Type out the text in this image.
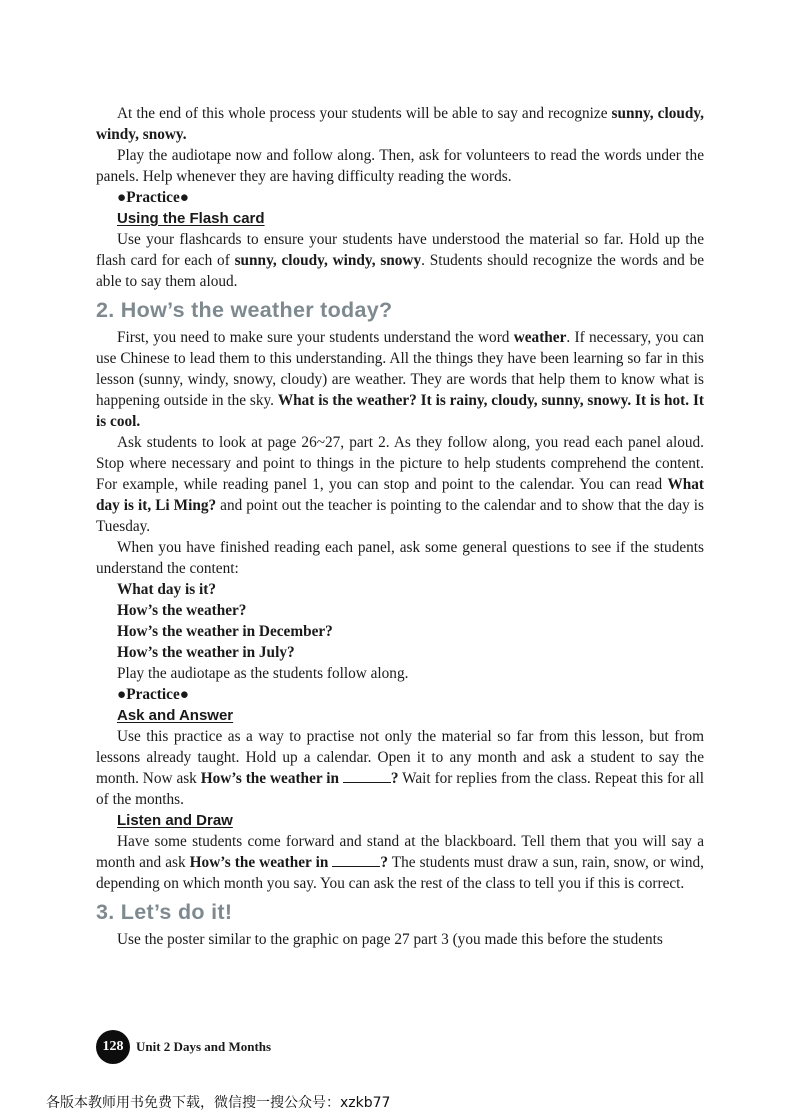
At the end of this whole process your students will be able to say and recognize sunny, cloudy, windy, snowy.

Play the audiotape now and follow along. Then, ask for volunteers to read the words under the panels. Help whenever they are having difficulty reading the words.

●Practice●
Using the Flash card

Use your flashcards to ensure your students have understood the material so far. Hold up the flash card for each of sunny, cloudy, windy, snowy. Students should recognize the words and be able to say them aloud.

2. How’s the weather today?

First, you need to make sure your students understand the word weather. If necessary, you can use Chinese to lead them to this understanding. All the things they have been learning so far in this lesson (sunny, windy, snowy, cloudy) are weather. They are words that help them to know what is happening outside in the sky. What is the weather? It is rainy, cloudy, sunny, snowy. It is hot. It is cool.

Ask students to look at page 26~27, part 2. As they follow along, you read each panel aloud. Stop where necessary and point to things in the picture to help students comprehend the content. For example, while reading panel 1, you can stop and point to the calendar. You can read What day is it, Li Ming? and point out the teacher is pointing to the calendar and to show that the day is Tuesday.

When you have finished reading each panel, ask some general questions to see if the students understand the content:

What day is it?
How’s the weather?
How’s the weather in December?
How’s the weather in July?
Play the audiotape as the students follow along.
●Practice●
Ask and Answer

Use this practice as a way to practise not only the material so far from this lesson, but from lessons already taught. Hold up a calendar. Open it to any month and ask a student to say the month. Now ask How’s the weather in	? Wait for replies from the class. Repeat this for all of the months.

Listen and Draw

Have some students come forward and stand at the blackboard. Tell them that you will say a month and ask How’s the weather in	? The students must draw a sun, rain, snow, or wind, depending on which month you say. You can ask the rest of the class to tell you if this is correct.

3. Let’s do it!

Use the poster similar to the graphic on page 27 part 3 (you made this before the students

128 Unit 2 Days and Months
各版本教师用书免费下载，微信搜一搜公众号：xzkb77
